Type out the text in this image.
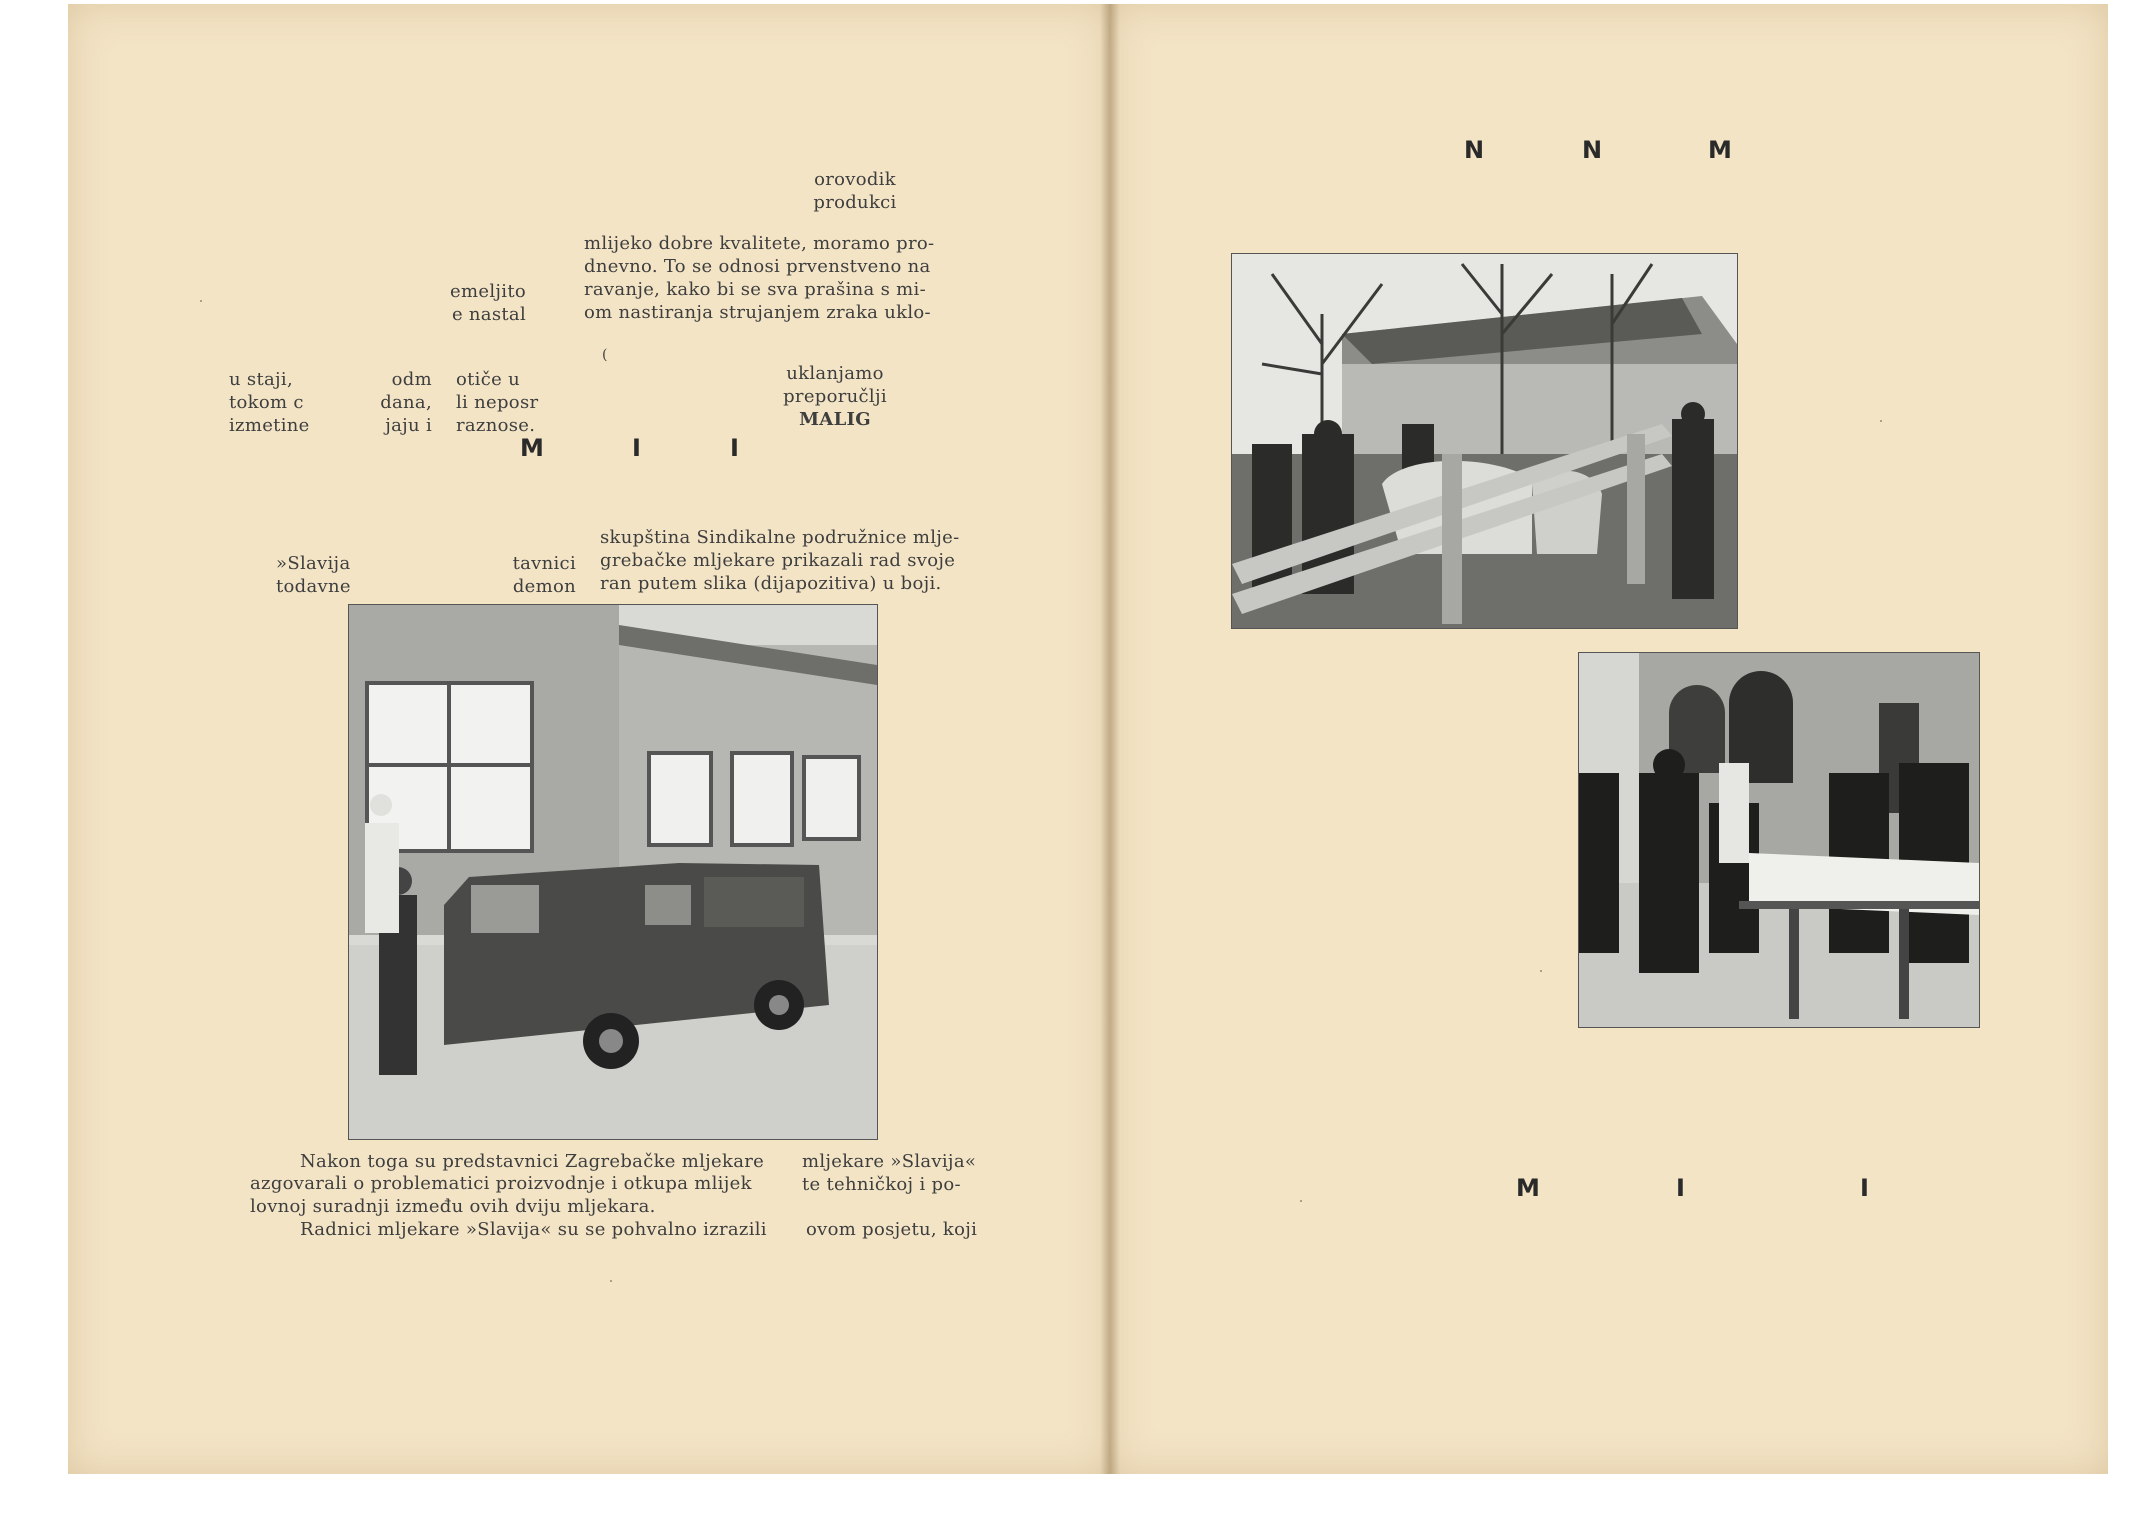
orovodik
produkci
mlijeko dobre kvalitete, moramo pro-
dnevno. To se odnosi prvenstveno na
ravanje, kako bi se sva prašina s mi-
om nastiranja strujanjem zraka uklo-
emeljito
e nastal
u staji,
tokom c
izmetine
odm
dana,
jaju i
otiče u
li neposr
raznose.
(
uklanjamo
preporučlji
MALIG
M	I	I
skupština Sindikalne podružnice mlje-
grebačke mljekare prikazali rad svoje
ran putem slika (dijapozitiva) u boji.
»Slavija
todavne
tavnici
demon
Nakon toga su predstavnici Zagrebačke mljekare
azgovarali o problematici proizvodnje i otkupa mlijek
lovnoj suradnji između ovih dviju mljekara.
Radnici mljekare »Slavija« su se pohvalno izrazili
mljekare »Slavija«
te tehničkoj i po-
ovom posjetu, koji
N	N	M
M	I	I
